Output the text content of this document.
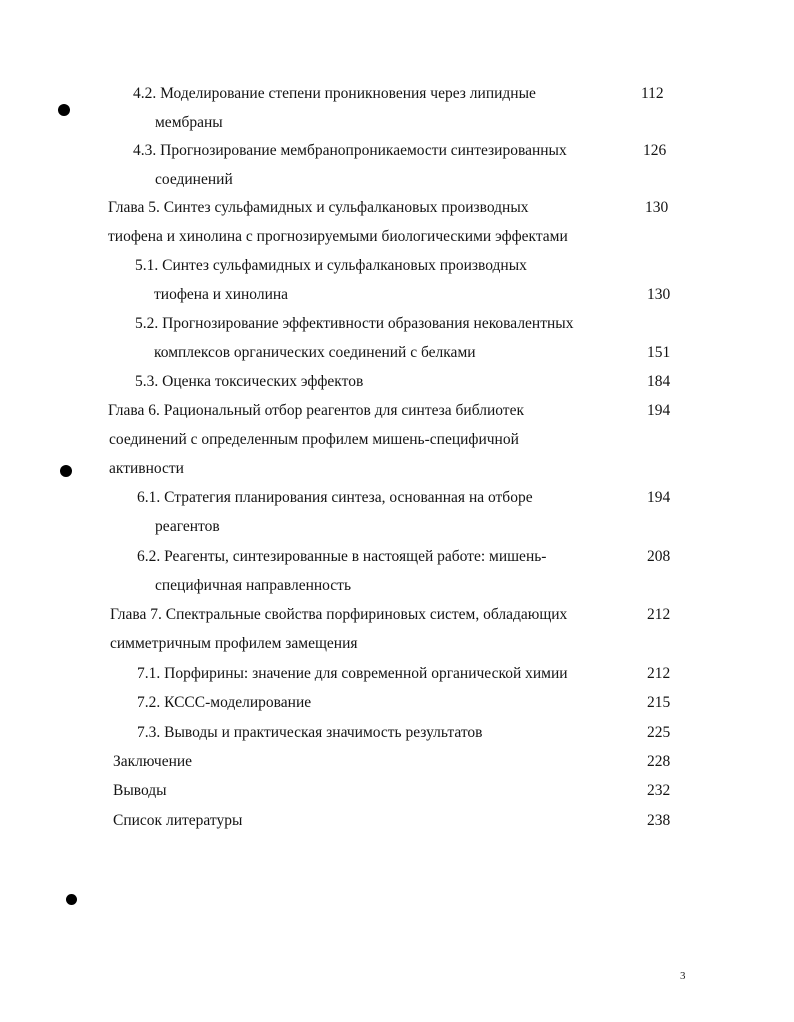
4.2. Моделирование степени проникновения через липидные	112
мембраны
4.3. Прогнозирование мембранопроникаемости синтезированных	126
соединений
Глава 5. Синтез сульфамидных и сульфалкановых производных	130
тиофена и хинолина с прогнозируемыми биологическими эффектами
5.1. Синтез сульфамидных и сульфалкановых производных
тиофена и хинолина	130
5.2. Прогнозирование эффективности образования нековалентных
комплексов органических соединений с белками	151
5.3. Оценка токсических эффектов	184
Глава 6. Рациональный отбор реагентов для синтеза библиотек	194
соединений с определенным профилем мишень-специфичной
активности
6.1. Стратегия планирования синтеза, основанная на отборе	194
реагентов
6.2. Реагенты, синтезированные в настоящей работе: мишень-	208
специфичная направленность
Глава 7. Спектральные свойства порфириновых систем, обладающих	212
симметричным профилем замещения
7.1. Порфирины: значение для современной органической химии	212
7.2. КССС-моделирование	215
7.3. Выводы и практическая значимость результатов	225
Заключение	228
Выводы	232
Список литературы	238
3
